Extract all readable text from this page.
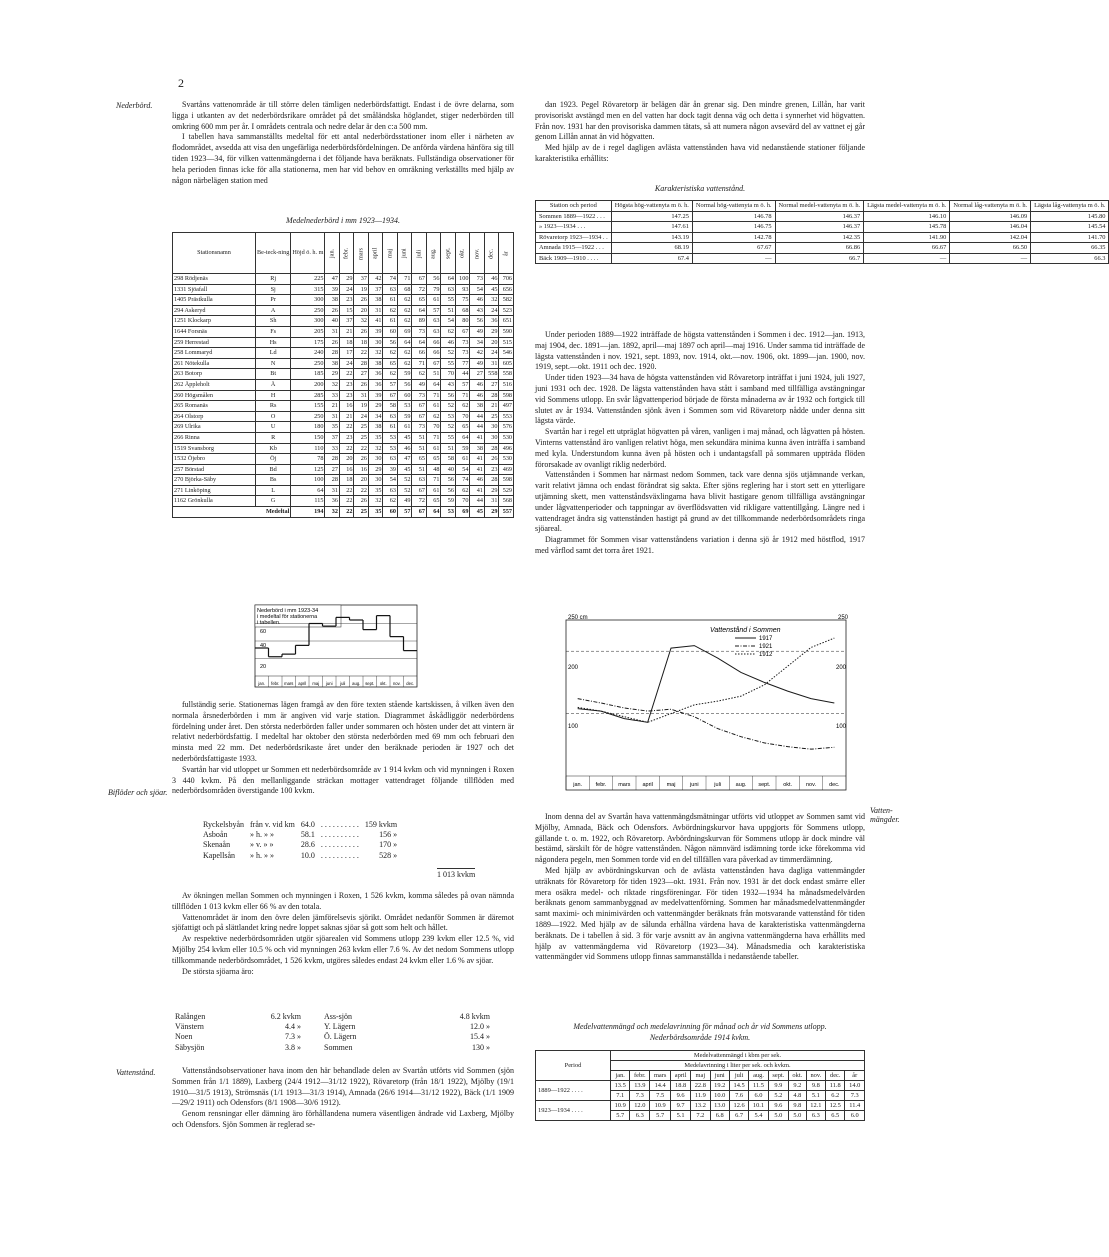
2
Nederbörd.
Biflöder och sjöar.
Vattenstånd.
Vatten-mängder.

Svartåns vattenområde är till större delen tämligen nederbördsfattigt. Endast i de övre delarna, som ligga i utkanten av det nederbördsrikare området på det småländska höglandet, stiger nederbörden till omkring 600 mm per år. I områdets centrala och nedre delar är den c:a 500 mm.

I tabellen hava sammanställts medeltal för ett antal nederbördsstationer inom eller i närheten av flodområdet, avsedda att visa den ungefärliga nederbördsfördelningen. De anförda värdena hänföra sig till tiden 1923—34, för vilken vattenmängderna i det följande hava beräknats. Fullständiga observationer för hela perioden finnas icke för alla stationerna, men har vid behov en omräkning verkställts med hjälp av någon närbelägen station med

Medelnederbörd i mm 1923—1934.
Stationsnamn	Be-teck-ning	Höjd ö. h. m	jan.	febr.	mars	april	maj	juni	juli	aug.	sept.	okt.	nov.	dec.	år
298 Rödjenäs	Rj	225	47	29	37	42	74	71	67	56	64	100	73	46	706
1331 Sjöafall	Sj	315	39	24	19	37	63	68	72	79	63	93	54	45	656
1405 Prästkulla	Pr	300	38	23	26	38	61	62	65	61	55	75	46	32	582
294 Askeryd	A	250	26	15	20	31	62	62	64	57	51	68	43	24	523
1251 Klockarp	Sh	300	40	37	32	41	61	62	89	63	54	80	56	36	651
1644 Forsnäs	Fs	205	31	21	26	39	60	69	73	63	62	67	49	29	590
259 Herrestad	Hs	175	26	18	18	30	56	64	64	66	46	73	34	20	515
258 Lommaryd	Ld	240	28	17	22	32	62	62	66	66	52	73	42	24	546
261 Nötekulla	N	250	38	24	28	38	65	62	71	67	55	77	49	31	605
263 Botorp	Bt	185	29	22	27	36	62	59	62	51	70	44	27	558	558
262 Äppleholt	Ä	200	32	23	26	36	57	56	49	64	43	57	46	27	516
260 Högsmålen	H	285	33	23	31	39	67	60	73	71	56	71	46	28	598
265 Romanäs	Rs	155	21	16	19	29	58	53	67	61	52	62	38	21	497
264 Olstorp	O	250	31	21	24	34	63	59	67	62	53	70	44	25	553
269 Ulrika	U	180	35	22	25	38	61	61	73	70	52	65	44	30	576
266 Rinna	R	150	37	23	25	35	53	45	51	71	55	64	41	30	530
1519 Svansborg	Kb	110	33	22	22	32	53	46	51	61	51	59	38	28	496
1532 Öjebro	Öj	78	28	20	26	30	63	47	65	65	58	61	41	26	530
257 Börstad	Bd	125	27	16	16	29	39	45	51	48	40	54	41	23	469
270 Björka-Säby	Bs	100	28	18	20	30	54	52	63	71	56	74	46	28	598
271 Linköping	L	64	31	22	22	35	63	52	67	61	56	62	41	29	529
1162 Grönkulla	G	115	36	22	26	32	62	49	72	65	59	70	44	31	568
Medeltal		194	32	22	25	35	60	57	67	64	53	69	45	29	557
Nederbörd i mm 1923-34
i medeltal för stationerna
i tabellen.
jan. febr. mars april maj juni juli aug. sept. okt. nov. dec.
60
40
20

fullständig serie. Stationernas lägen framgå av den före texten stående kartskissen, å vilken även den normala årsnederbörden i mm är angiven vid varje station. Diagrammet åskådliggör nederbördens fördelning under året. Den största nederbörden faller under sommaren och hösten under det att vintern är relativt nederbördsfattig. I medeltal har oktober den största nederbörden med 69 mm och februari den minsta med 22 mm. Det nederbördsrikaste året under den beräknade perioden är 1927 och det nederbördsfattigaste 1933.

Svartån har vid utloppet ur Sommen ett nederbördsområde av 1 914 kvkm och vid mynningen i Roxen 3 440 kvkm. På den mellanliggande sträckan mottager vattendraget följande tillflöden med nederbördsområden överstigande 100 kvkm.

Ryckelsbyån	från v. vid km	64.0	. . . . . . . . . .	159 kvkm
Asboån	» h. » »	58.1	. . . . . . . . . .	156 »
Skenaån	» v. » »	28.6	. . . . . . . . . .	170 »
Kapellsån	» h. » »	10.0	. . . . . . . . . .	528 »
1 013 kvkm

Av ökningen mellan Sommen och mynningen i Roxen, 1 526 kvkm, komma således på ovan nämnda tillflöden 1 013 kvkm eller 66 % av den totala.

Vattenområdet är inom den övre delen jämförelsevis sjörikt. Området nedanför Sommen är däremot sjöfattigt och på slättlandet kring nedre loppet saknas sjöar så gott som helt och hållet.

Av respektive nederbördsområden utgör sjöarealen vid Sommens utlopp 239 kvkm eller 12.5 %, vid Mjölby 254 kvkm eller 10.5 % och vid mynningen 263 kvkm eller 7.6 %. Av det nedom Sommens utlopp tillkommande nederbördsområdet, 1 526 kvkm, utgöres således endast 24 kvkm eller 1.6 % av sjöar.

De största sjöarna äro:

Ralången	6.2 kvkm	Ass-sjön	4.8 kvkm
Vänstern	4.4 »	Y. Lägern	12.0 »
Noen	7.3 »	Ö. Lägern	15.4 »
Säbysjön	3.8 »	Sommen	130 »

Vattenståndsobservationer hava inom den här behandlade delen av Svartån utförts vid Sommen (sjön Sommen från 1/1 1889), Laxberg (24/4 1912—31/12 1922), Rövaretorp (från 18/1 1922), Mjölby (19/1 1910—31/5 1913), Strömsnäs (1/1 1913—31/3 1914), Amnada (26/6 1914—31/12 1922), Bäck (1/1 1909—29/2 1911) och Odensfors (8/1 1908—30/6 1912).

Genom rensningar eller dämning äro förhållandena numera väsentligen ändrade vid Laxberg, Mjölby och Odensfors. Sjön Sommen är reglerad se-

dan 1923. Pegel Rövaretorp är belägen där ån grenar sig. Den mindre grenen, Lillån, har varit provisoriskt avstängd men en del vatten har dock tagit denna väg och detta i synnerhet vid högvatten. Från nov. 1931 har den provisoriska dammen tätats, så att numera någon avsevärd del av vattnet ej går genom Lillån annat än vid högvatten.

Med hjälp av de i regel dagligen avlästa vattenstånden hava vid nedanstående stationer följande karakteristika erhållits:

Karakteristiska vattenstånd.
Station och period	Högsta hög-vattenyta m ö. h.	Normal hög-vattenyta m ö. h.	Normal medel-vattenyta m ö. h.	Lägsta medel-vattenyta m ö. h.	Normal låg-vattenyta m ö. h.	Lägsta låg-vattenyta m ö. h.
Sommen 1889—1922 . . .	147.25	146.78	146.37	146.10	146.09	145.80
» 1923—1934 . . .	147.61	146.75	146.37	145.78	146.04	145.54
Rövaretorp 1923—1934 . .	143.19	142.78	142.35	141.90	142.04	141.70
Amnada 1915—1922 . . .	68.19	67.67	66.86	66.67	66.50	66.35
Bäck 1909—1910 . . . .	67.4	—	66.7	—	—	66.3

Under perioden 1889—1922 inträffade de högsta vattenstånden i Sommen i dec. 1912—jan. 1913, maj 1904, dec. 1891—jan. 1892, april—maj 1897 och april—maj 1916. Under samma tid inträffade de lägsta vattenstånden i nov. 1921, sept. 1893, nov. 1914, okt.—nov. 1906, okt. 1899—jan. 1900, nov. 1919, sept.—okt. 1911 och dec. 1920.

Under tiden 1923—34 hava de högsta vattenstånden vid Rövaretorp inträffat i juni 1924, juli 1927, juni 1931 och dec. 1928. De lägsta vattenstånden hava stått i samband med tillfälliga avstängningar vid Sommens utlopp. En svår lågvattenperiod började de första månaderna av år 1932 och fortgick till slutet av år 1934. Vattenstånden sjönk även i Sommen som vid Rövaretorp nådde under denna sitt lägsta värde.

Svartån har i regel ett utpräglat högvatten på våren, vanligen i maj månad, och lågvatten på hösten. Vinterns vattenstånd äro vanligen relativt höga, men sekundära minima kunna även inträffa i samband med kyla. Understundom kunna även på hösten och i undantagsfall på sommaren uppträda flöden förorsakade av ovanligt riklig nederbörd.

Vattenstånden i Sommen har närmast nedom Sommen, tack vare denna sjös utjämnande verkan, varit relativt jämna och endast förändrat sig sakta. Efter sjöns reglering har i stort sett en ytterligare utjämning skett, men vattenståndsväxlingarna hava blivit hastigare genom tillfälliga avstängningar under lågvattenperioder och tappningar av överflödsvatten vid rikligare vattentillgång. Längre ned i vattendraget ändra sig vattenstånden hastigt på grund av det tillkommande nederbördsområdets ringa sjöareal.

Diagrammet för Sommen visar vattenståndens variation i denna sjö år 1912 med höstflod, 1917 med vårflod samt det torra året 1921.

250 cm	250
jan. febr. mars april maj	juni	juli	aug. sept. okt.	nov. dec.
200
100
200
100
Vattenstånd i Sommen
1917
1921
1912

Inom denna del av Svartån hava vattenmängdsmätningar utförts vid utloppet av Sommen samt vid Mjölby, Amnada, Bäck och Odensfors. Avbördningskurvor hava uppgjorts för Sommens utlopp, gällande t. o. m. 1922, och Rövaretorp. Avbördningskurvan för Sommens utlopp är dock mindre väl bestämd, särskilt för de högre vattenstånden. Någon nämnvärd isdämning torde icke förekomma vid någondera pegeln, men Sommen torde vid en del tillfällen vara påverkad av timmerdämning.

Med hjälp av avbördningskurvan och de avlästa vattenstånden hava dagliga vattenmängder uträknats för Rövaretorp för tiden 1923—okt. 1931. Från nov. 1931 är det dock endast smärre eller mera osäkra medel- och riktade ringsföreningar. För tiden 1932—1934 ha månadsmedelvärden beräknats genom sammanbyggnad av medelvattenförning. Sommen har månadsmedelvattenmängder samt maximi- och minimivärden och vattenmängder beräknats från motsvarande vattenstånd för tiden 1889—1922. Med hjälp av de sålunda erhållna värdena hava de karakteristiska vattenmängderna beräknats. De i tabellen å sid. 3 för varje avsnitt av än angivna vattenmängderna hava erhållits med hjälp av vattenmängderna vid Rövaretorp (1923—34). Månadsmedia och karakteristiska vattenmängder vid Sommens utlopp finnas sammanställda i nedanstående tabeller.

Medelvattenmängd och medelavrinning för månad och år vid Sommens utlopp.
Nederbördsområde 1914 kvkm.
Period	Medelvattenmängd i kbm per sek.												
	Medelavrinning i liter per sek. och kvkm.												
	jan.	febr.	mars	april	maj	juni	juli	aug.	sept.	okt.	nov.	dec.	år
1889—1922 . . . .	13.5	13.9	14.4	18.8	22.8	19.2	14.5	11.5	9.9	9.2	9.8	11.8	14.0
	7.1	7.3	7.5	9.6	11.9	10.0	7.6	6.0	5.2	4.8	5.1	6.2	7.3
1923—1934 . . . .	10.9	12.0	10.9	9.7	13.2	13.0	12.6	10.1	9.6	9.8	12.1	12.5	11.4
	5.7	6.3	5.7	5.1	7.2	6.8	6.7	5.4	5.0	5.0	6.3	6.5	6.0
